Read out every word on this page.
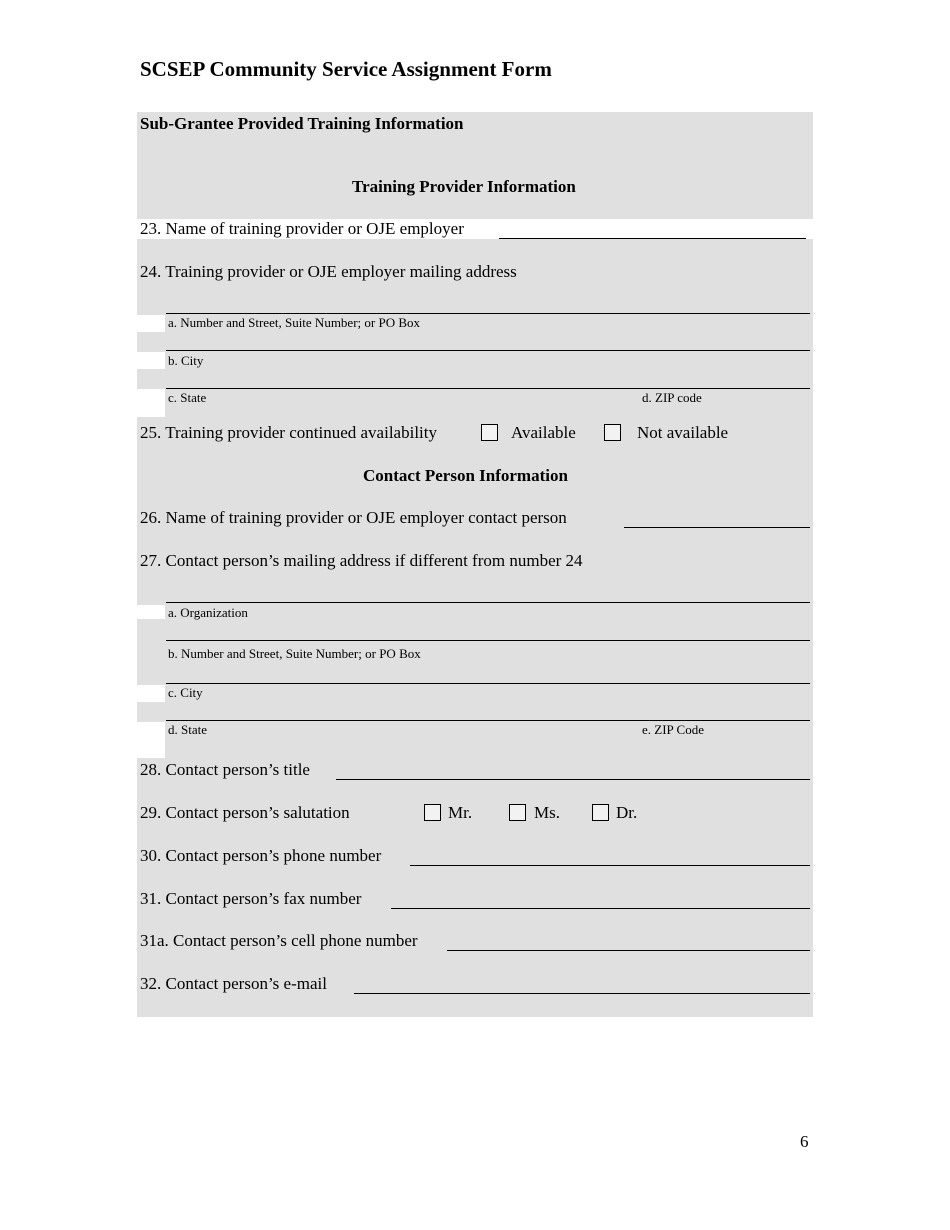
SCSEP Community Service Assignment Form
Sub-Grantee Provided Training Information
Training Provider Information
23. Name of training provider or OJE employer
24. Training provider or OJE employer mailing address
a. Number and Street, Suite Number; or PO Box
b. City
c. State	d. ZIP code
25. Training provider continued availability	Available	Not available
Contact Person Information
26. Name of training provider or OJE employer contact person
27. Contact person’s mailing address if different from number 24
a. Organization
b. Number and Street, Suite Number; or PO Box
c. City
d. State	e. ZIP Code
28. Contact person’s title
29. Contact person’s salutation	Mr.	Ms.	Dr.
30. Contact person’s phone number
31. Contact person’s fax number
31a. Contact person’s cell phone number
32. Contact person’s e-mail
6
